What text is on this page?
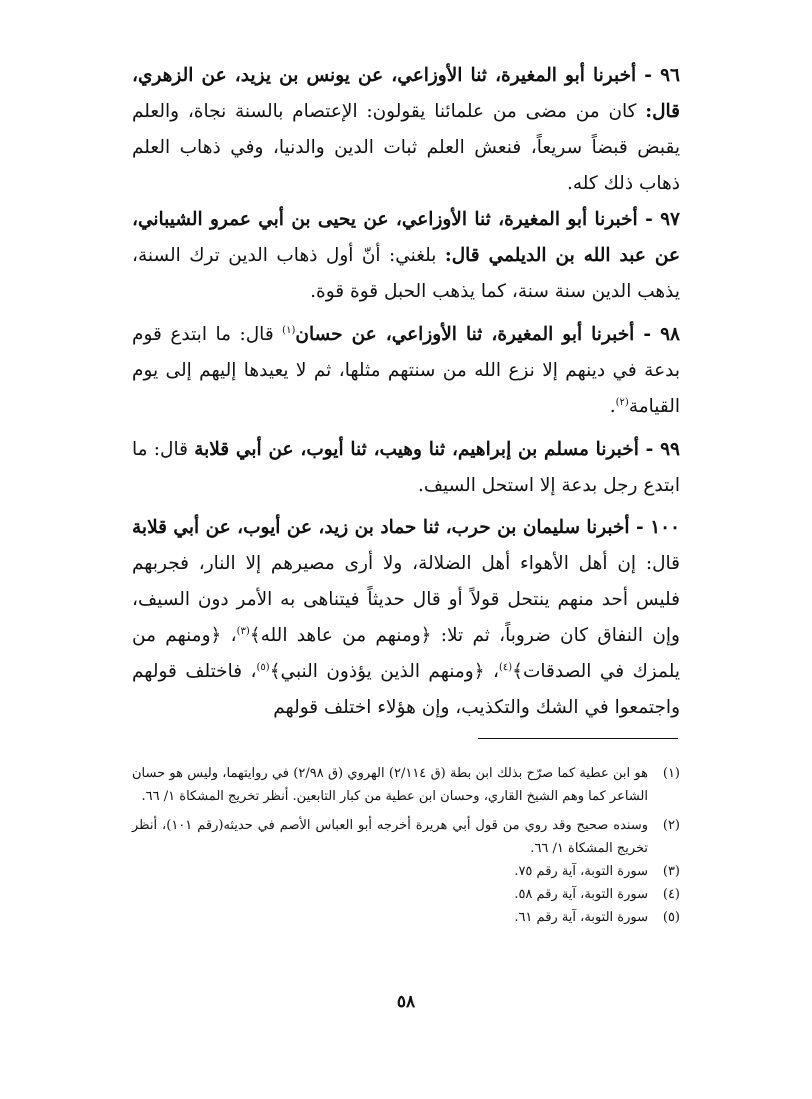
٩٦ - أخبرنا أبو المغيرة، ثنا الأوزاعي، عن يونس بن يزيد، عن الزهري، قال: كان من مضى من علمائنا يقولون: الإعتصام بالسنة نجاة، والعلم يقبض قبضاً سريعاً، فنعش العلم ثبات الدين والدنيا، وفي ذهاب العلم ذهاب ذلك كله.

٩٧ - أخبرنا أبو المغيرة، ثنا الأوزاعي، عن يحيى بن أبي عمرو الشيباني، عن عبد الله بن الديلمي قال: بلغني: أنّ أول ذهاب الدين ترك السنة، يذهب الدين سنة سنة، كما يذهب الحبل قوة قوة.

٩٨ - أخبرنا أبو المغيرة، ثنا الأوزاعي، عن حسان$^{(١)}$ قال: ما ابتدع قوم بدعة في دينهم إلا نزع الله من سنتهم مثلها، ثم لا يعيدها إليهم إلى يوم القيامة$^{(٢)}$.

٩٩ - أخبرنا مسلم بن إبراهيم، ثنا وهيب، ثنا أيوب، عن أبي قلابة قال: ما ابتدع رجل بدعة إلا استحل السيف.

١٠٠ - أخبرنا سليمان بن حرب، ثنا حماد بن زيد، عن أيوب، عن أبي قلابة قال: إن أهل الأهواء أهل الضلالة، ولا أرى مصيرهم إلا النار، فجربهم فليس أحد منهم ينتحل قولاً أو قال حديثاً فيتناهى به الأمر دون السيف، وإن النفاق كان ضروباً، ثم تلا: ﴿ومنهم من عاهد الله﴾$^{(٣)}$، ﴿ومنهم من يلمزك في الصدقات﴾$^{(٤)}$، ﴿ومنهم الذين يؤذون النبي﴾$^{(٥)}$، فاختلف قولهم واجتمعوا في الشك والتكذيب، وإن هؤلاء اختلف قولهم

(١)
هو ابن عطية كما صرّح بذلك ابن بطة (ق ٢/١١٤) الهروي (ق ٢/٩٨) في روايتهما، وليس هو حسان الشاعر كما وهم الشيخ القاري، وحسان ابن عطية من كبار التابعين. أنظر تخريج المشكاة ١/ ٦٦.
(٢)
وسنده صحيح وقد روي من قول أبي هريرة أخرجه أبو العباس الأصم في حديثه(رقم ١٠١)، أنظر تخريج المشكاة ١/ ٦٦.
(٣)
سورة التوبة، آية رقم ٧٥.
(٤)
سورة التوبة، آية رقم ٥٨.
(٥)
سورة التوبة، آية رقم ٦١.
٥٨
